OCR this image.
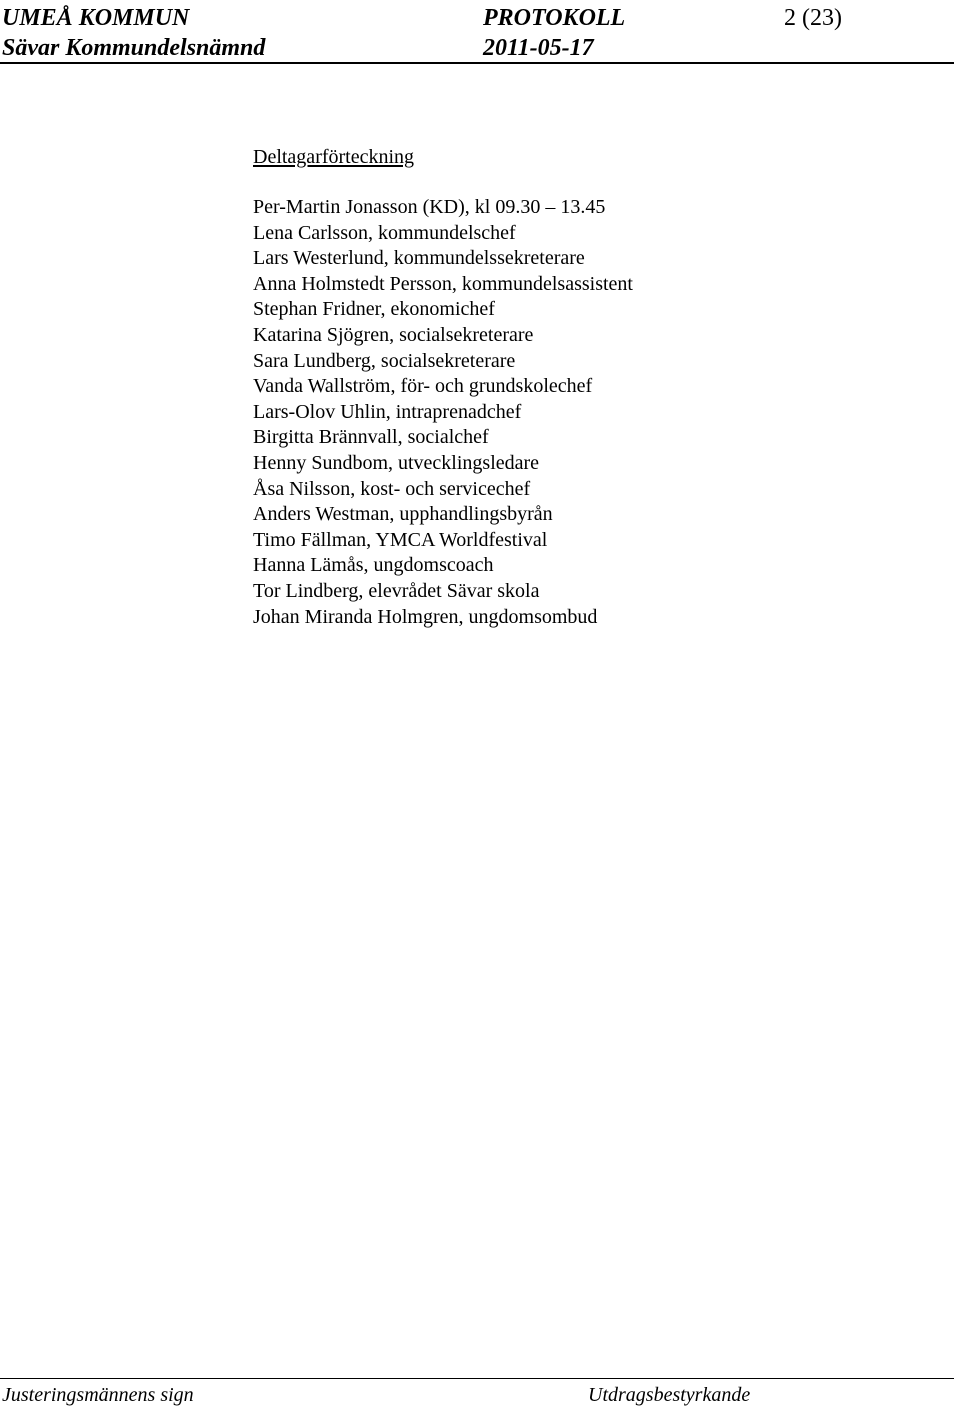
UMEÅ KOMMUN	PROTOKOLL	2 (23)
Sävar Kommundelsnämnd	2011-05-17
Deltagarförteckning
Per-Martin Jonasson (KD), kl 09.30 – 13.45
Lena Carlsson, kommundelschef
Lars Westerlund, kommundelssekreterare
Anna Holmstedt Persson, kommundelsassistent
Stephan Fridner, ekonomichef
Katarina Sjögren, socialsekreterare
Sara Lundberg, socialsekreterare
Vanda Wallström, för- och grundskolechef
Lars-Olov Uhlin, intraprenadchef
Birgitta Brännvall, socialchef
Henny Sundbom, utvecklingsledare
Åsa Nilsson, kost- och servicechef
Anders Westman, upphandlingsbyrån
Timo Fällman, YMCA Worldfestival
Hanna Lämås, ungdomscoach
Tor Lindberg, elevrådet Sävar skola
Johan Miranda Holmgren, ungdomsombud
Justeringsmännens sign	Utdragsbestyrkande
